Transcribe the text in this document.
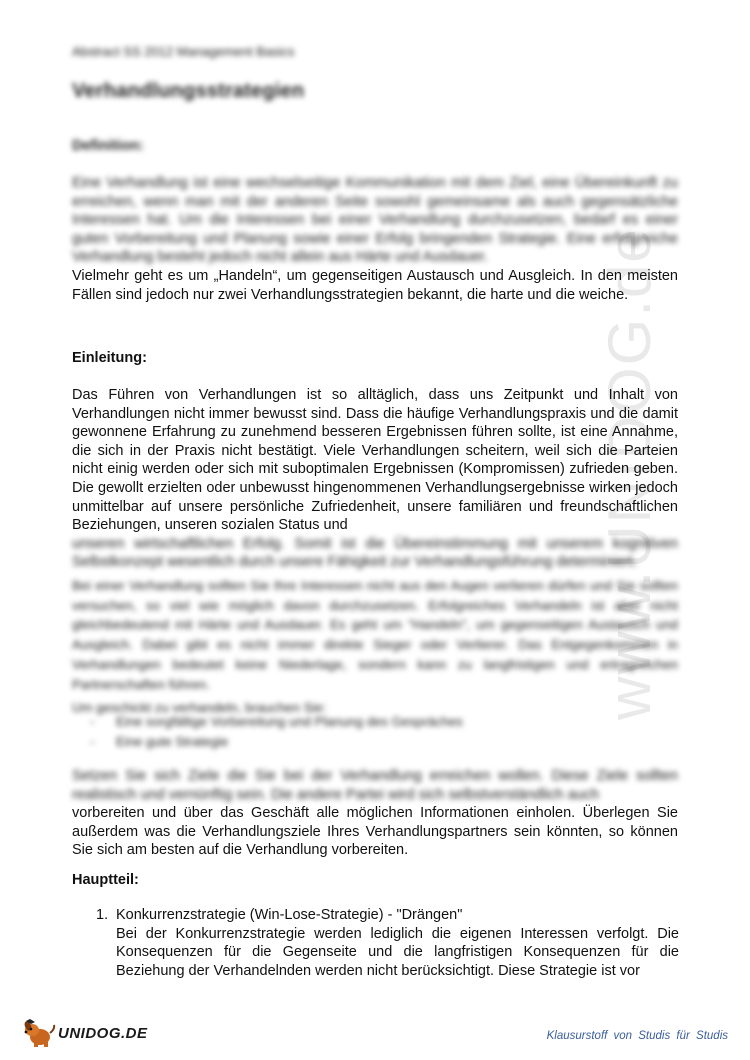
www.UNIDOG.de
Abstract SS 2012 Management Basics
Verhandlungsstrategien
Definition:
Eine Verhandlung ist eine wechselseitige Kommunikation mit dem Ziel, eine Übereinkunft zu erreichen, wenn man mit der anderen Seite sowohl gemeinsame als auch gegensätzliche Interessen hat. Um die Interessen bei einer Verhandlung durchzusetzen, bedarf es einer guten Vorbereitung und Planung sowie einer Erfolg bringenden Strategie. Eine erfolgreiche Verhandlung besteht jedoch nicht allein aus Härte und Ausdauer.
Vielmehr geht es um „Handeln“, um gegenseitigen Austausch und Ausgleich. In den meisten Fällen sind jedoch nur zwei Verhandlungsstrategien bekannt, die harte und die weiche.
Einleitung:
Das Führen von Verhandlungen ist so alltäglich, dass uns Zeitpunkt und Inhalt von Verhandlungen nicht immer bewusst sind. Dass die häufige Verhandlungspraxis und die damit gewonnene Erfahrung zu zunehmend besseren Ergebnissen führen sollte, ist eine Annahme, die sich in der Praxis nicht bestätigt. Viele Verhandlungen scheitern, weil sich die Parteien nicht einig werden oder sich mit suboptimalen Ergebnissen (Kompromissen) zufrieden geben. Die gewollt erzielten oder unbewusst hingenommenen Verhandlungsergebnisse wirken jedoch unmittelbar auf unsere persönliche Zufriedenheit, unsere familiären und freundschaftlichen Beziehungen, unseren sozialen Status und
unseren wirtschaftlichen Erfolg. Somit ist die Übereinstimmung mit unserem kognitiven Selbstkonzept wesentlich durch unsere Fähigkeit zur Verhandlungsführung determiniert.
Bei einer Verhandlung sollten Sie Ihre Interessen nicht aus den Augen verlieren dürfen und Sie sollten versuchen, so viel wie möglich davon durchzusetzen. Erfolgreiches Verhandeln ist aber nicht gleichbedeutend mit Härte und Ausdauer. Es geht um "Handeln", um gegenseitigen Austausch und Ausgleich. Dabei gibt es nicht immer direkte Sieger oder Verlierer. Das Entgegenkommen in Verhandlungen bedeutet keine Niederlage, sondern kann zu langfristigen und ertragreichen Partnerschaften führen.
Um geschickt zu verhandeln, brauchen Sie:
-	Eine sorgfältige Vorbereitung und Planung des Gespräches
-	Eine gute Strategie
Setzen Sie sich Ziele die Sie bei der Verhandlung erreichen wollen. Diese Ziele sollten realistisch und vernünftig sein. Die andere Partei wird sich selbstverständlich auch
vorbereiten und über das Geschäft alle möglichen Informationen einholen. Überlegen Sie außerdem was die Verhandlungsziele Ihres Verhandlungspartners sein könnten, so können Sie sich am besten auf die Verhandlung vorbereiten.
Hauptteil:
1. Konkurrenzstrategie (Win-Lose-Strategie) - "Drängen"
Bei der Konkurrenzstrategie werden lediglich die eigenen Interessen verfolgt. Die Konsequenzen für die Gegenseite und die langfristigen Konsequenzen für die Beziehung der Verhandelnden werden nicht berücksichtigt. Diese Strategie ist vor
UNIDOG.DE	Klausurstoff von Studis für Studis
